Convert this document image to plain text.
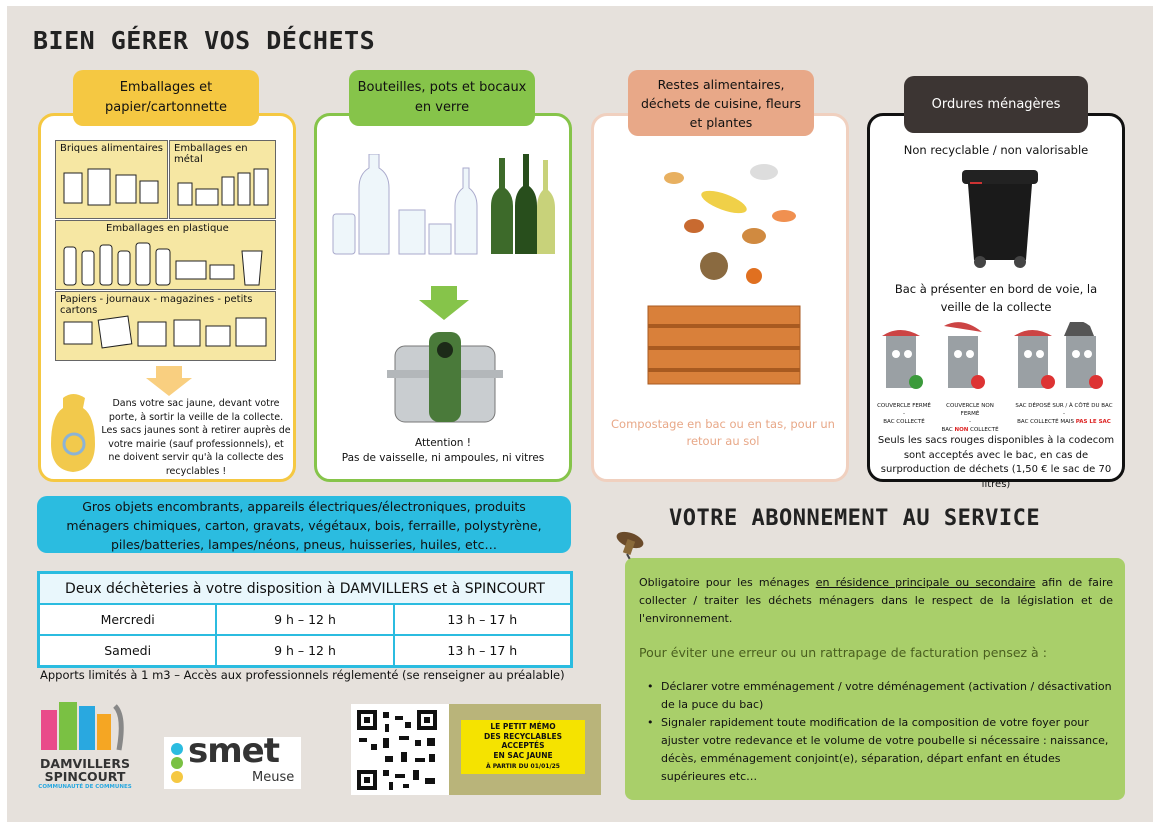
BIEN GÉRER VOS DÉCHETS
Briques alimentaires Emballages en métal
Emballages en plastique
Papiers - journaux - magazines - petits cartons
Dans votre sac jaune, devant votre porte, à sortir la veille de la collecte. Les sacs jaunes sont à retirer auprès de votre mairie (sauf professionnels), et ne doivent servir qu'à la collecte des recyclables !
Emballages et papier/cartonnette
Attention !
Pas de vaisselle, ni ampoules, ni vitres
Bouteilles, pots et bocaux en verre
Compostage en bac ou en tas, pour un retour au sol
Restes alimentaires, déchets de cuisine, fleurs et plantes
Non recyclable / non valorisable
Bac à présenter en bord de voie, la veille de la collecte
COUVERCLE FERMÉ
-
BAC COLLECTÉ
COUVERCLE NON FERMÉ
-
BAC NON COLLECTÉ
SAC DÉPOSÉ SUR / À CÔTÉ DU BAC
-
BAC COLLECTÉ MAIS PAS LE SAC
Seuls les sacs rouges disponibles à la codecom sont acceptés avec le bac, en cas de surproduction de déchets (1,50 € le sac de 70 litres)
Ordures ménagères
Gros objets encombrants, appareils électriques/électroniques, produits ménagers chimiques, carton, gravats, végétaux, bois, ferraille, polystyrène, piles/batteries, lampes/néons, pneus, huisseries, huiles, etc…
Deux déchèteries à votre disposition à DAMVILLERS et à SPINCOURT
Mercredi	9 h – 12 h	13 h – 17 h
Samedi	9 h – 12 h	13 h – 17 h
Apports limités à 1 m3 – Accès aux professionnels réglementé (se renseigner au préalable)
DAMVILLERS
SPINCOURT
COMMUNAUTÉ DE COMMUNES
smet
Meuse
LE PETIT MÉMO
DES RECYCLABLES ACCEPTÉS
EN SAC JAUNE
À PARTIR DU 01/01/25
VOTRE ABONNEMENT AU SERVICE
Obligatoire pour les ménages en résidence principale ou secondaire afin de faire collecter / traiter les déchets ménagers dans le respect de la législation et de l'environnement.
Pour éviter une erreur ou un rattrapage de facturation pensez à :
• Déclarer votre emménagement / votre déménagement (activation / désactivation de la puce du bac)
• Signaler rapidement toute modification de la composition de votre foyer pour ajuster votre redevance et le volume de votre poubelle si nécessaire : naissance, décès, emménagement conjoint(e), séparation, départ enfant en études supérieures etc…
